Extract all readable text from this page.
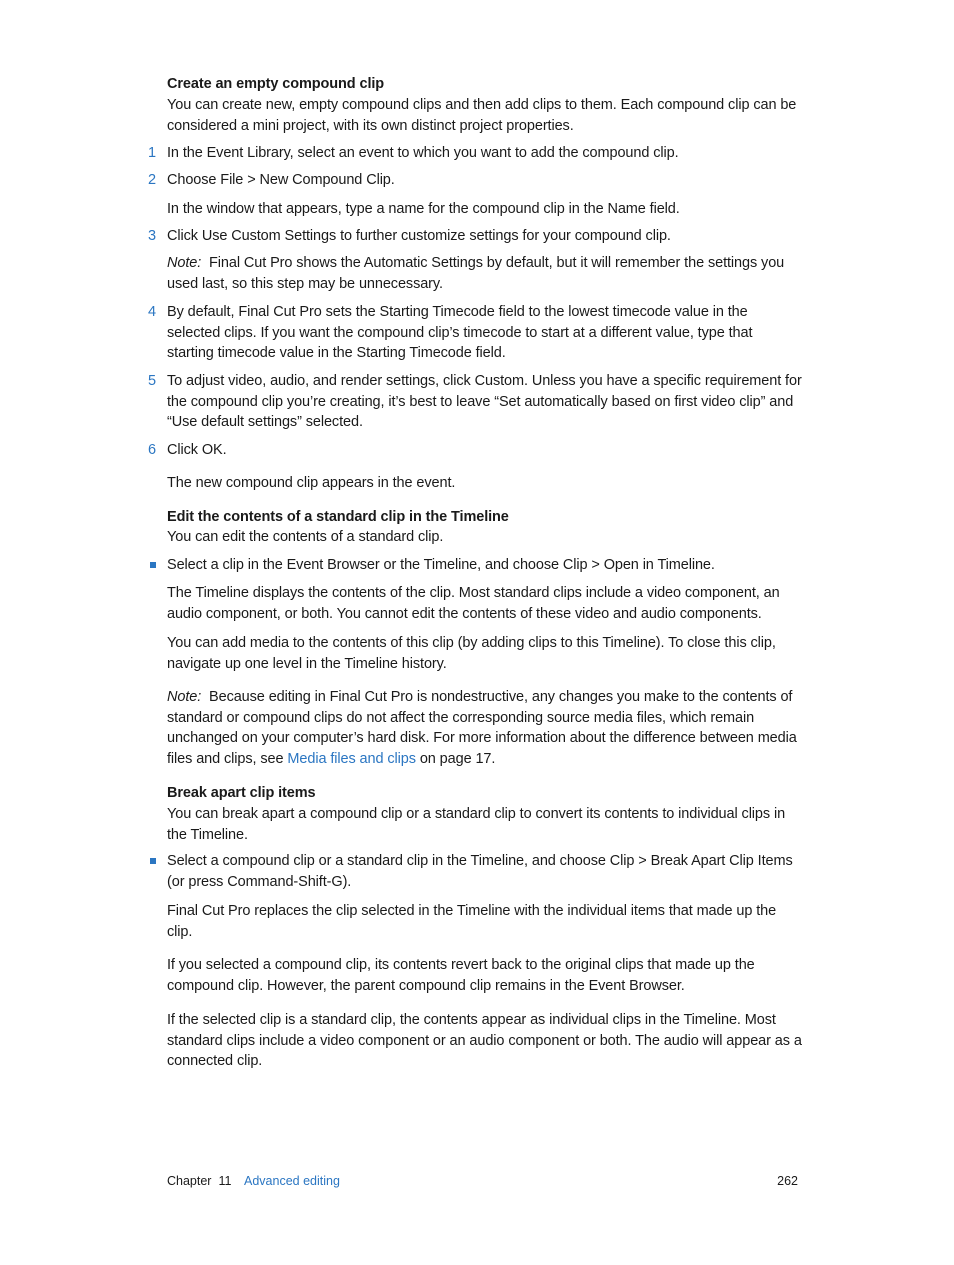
Create an empty compound clip
You can create new, empty compound clips and then add clips to them. Each compound clip can be considered a mini project, with its own distinct project properties.
1 In the Event Library, select an event to which you want to add the compound clip.
2 Choose File > New Compound Clip.
In the window that appears, type a name for the compound clip in the Name field.
3 Click Use Custom Settings to further customize settings for your compound clip.
Note: Final Cut Pro shows the Automatic Settings by default, but it will remember the settings you used last, so this step may be unnecessary.
4 By default, Final Cut Pro sets the Starting Timecode field to the lowest timecode value in the selected clips. If you want the compound clip’s timecode to start at a different value, type that starting timecode value in the Starting Timecode field.
5 To adjust video, audio, and render settings, click Custom. Unless you have a specific requirement for the compound clip you’re creating, it’s best to leave “Set automatically based on first video clip” and “Use default settings” selected.
6 Click OK.
The new compound clip appears in the event.
Edit the contents of a standard clip in the Timeline
You can edit the contents of a standard clip.
Select a clip in the Event Browser or the Timeline, and choose Clip > Open in Timeline.
The Timeline displays the contents of the clip. Most standard clips include a video component, an audio component, or both. You cannot edit the contents of these video and audio components.
You can add media to the contents of this clip (by adding clips to this Timeline). To close this clip, navigate up one level in the Timeline history.
Note: Because editing in Final Cut Pro is nondestructive, any changes you make to the contents of standard or compound clips do not affect the corresponding source media files, which remain unchanged on your computer’s hard disk. For more information about the difference between media files and clips, see Media files and clips on page 17.
Break apart clip items
You can break apart a compound clip or a standard clip to convert its contents to individual clips in the Timeline.
Select a compound clip or a standard clip in the Timeline, and choose Clip > Break Apart Clip Items (or press Command-Shift-G).
Final Cut Pro replaces the clip selected in the Timeline with the individual items that made up the clip.
If you selected a compound clip, its contents revert back to the original clips that made up the compound clip. However, the parent compound clip remains in the Event Browser.
If the selected clip is a standard clip, the contents appear as individual clips in the Timeline. Most standard clips include a video component or an audio component or both. The audio will appear as a connected clip.
Chapter 11 Advanced editing	262
